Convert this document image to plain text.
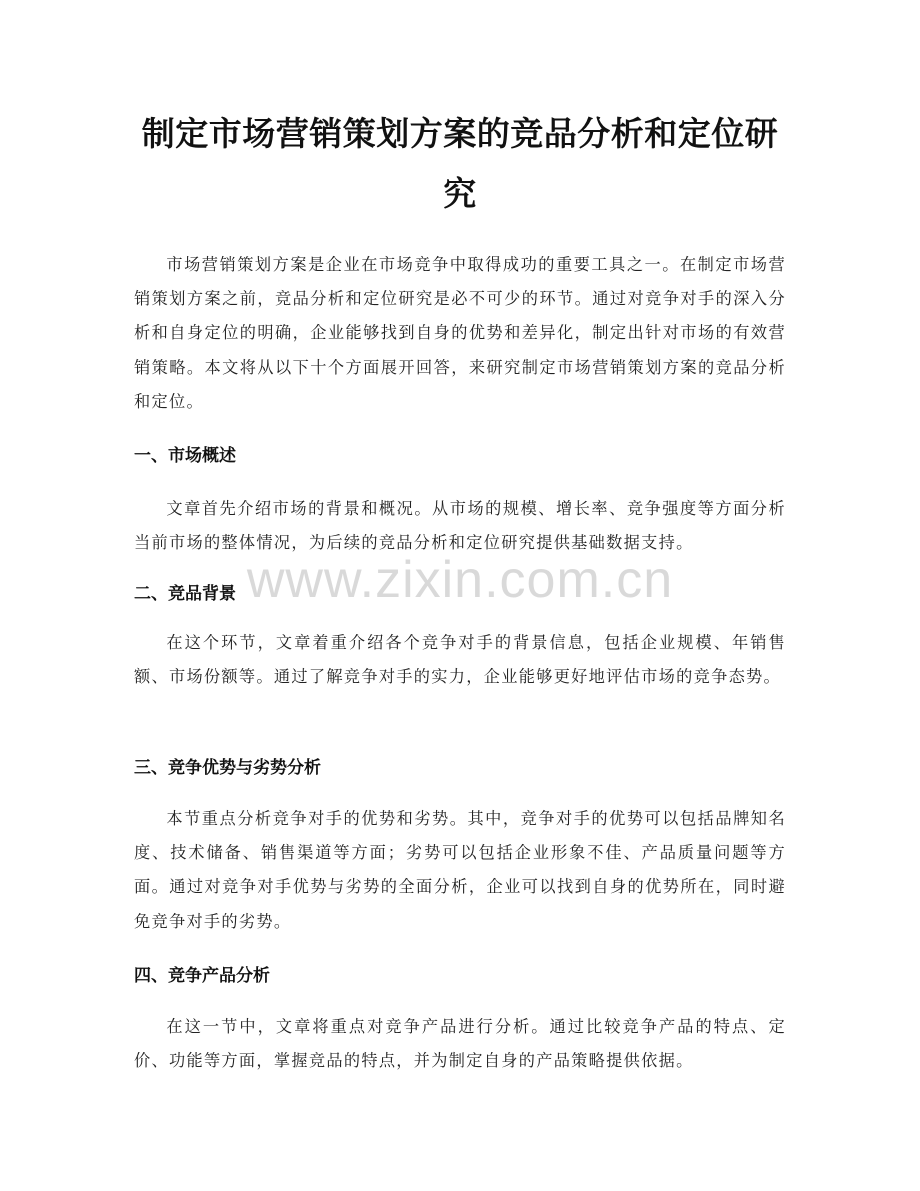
制定市场营销策划方案的竞品分析和定位研究

市场营销策划方案是企业在市场竞争中取得成功的重要工具之一。在制定市场营销策划方案之前，竞品分析和定位研究是必不可少的环节。通过对竞争对手的深入分析和自身定位的明确，企业能够找到自身的优势和差异化，制定出针对市场的有效营销策略。本文将从以下十个方面展开回答，来研究制定市场营销策划方案的竞品分析和定位。

一、市场概述

文章首先介绍市场的背景和概况。从市场的规模、增长率、竞争强度等方面分析当前市场的整体情况，为后续的竞品分析和定位研究提供基础数据支持。

二、竞品背景

在这个环节，文章着重介绍各个竞争对手的背景信息，包括企业规模、年销售额、市场份额等。通过了解竞争对手的实力，企业能够更好地评估市场的竞争态势。

三、竞争优势与劣势分析

本节重点分析竞争对手的优势和劣势。其中，竞争对手的优势可以包括品牌知名度、技术储备、销售渠道等方面；劣势可以包括企业形象不佳、产品质量问题等方面。通过对竞争对手优势与劣势的全面分析，企业可以找到自身的优势所在，同时避免竞争对手的劣势。

四、竞争产品分析

在这一节中，文章将重点对竞争产品进行分析。通过比较竞争产品的特点、定价、功能等方面，掌握竞品的特点，并为制定自身的产品策略提供依据。

www.zixin.com.cn
